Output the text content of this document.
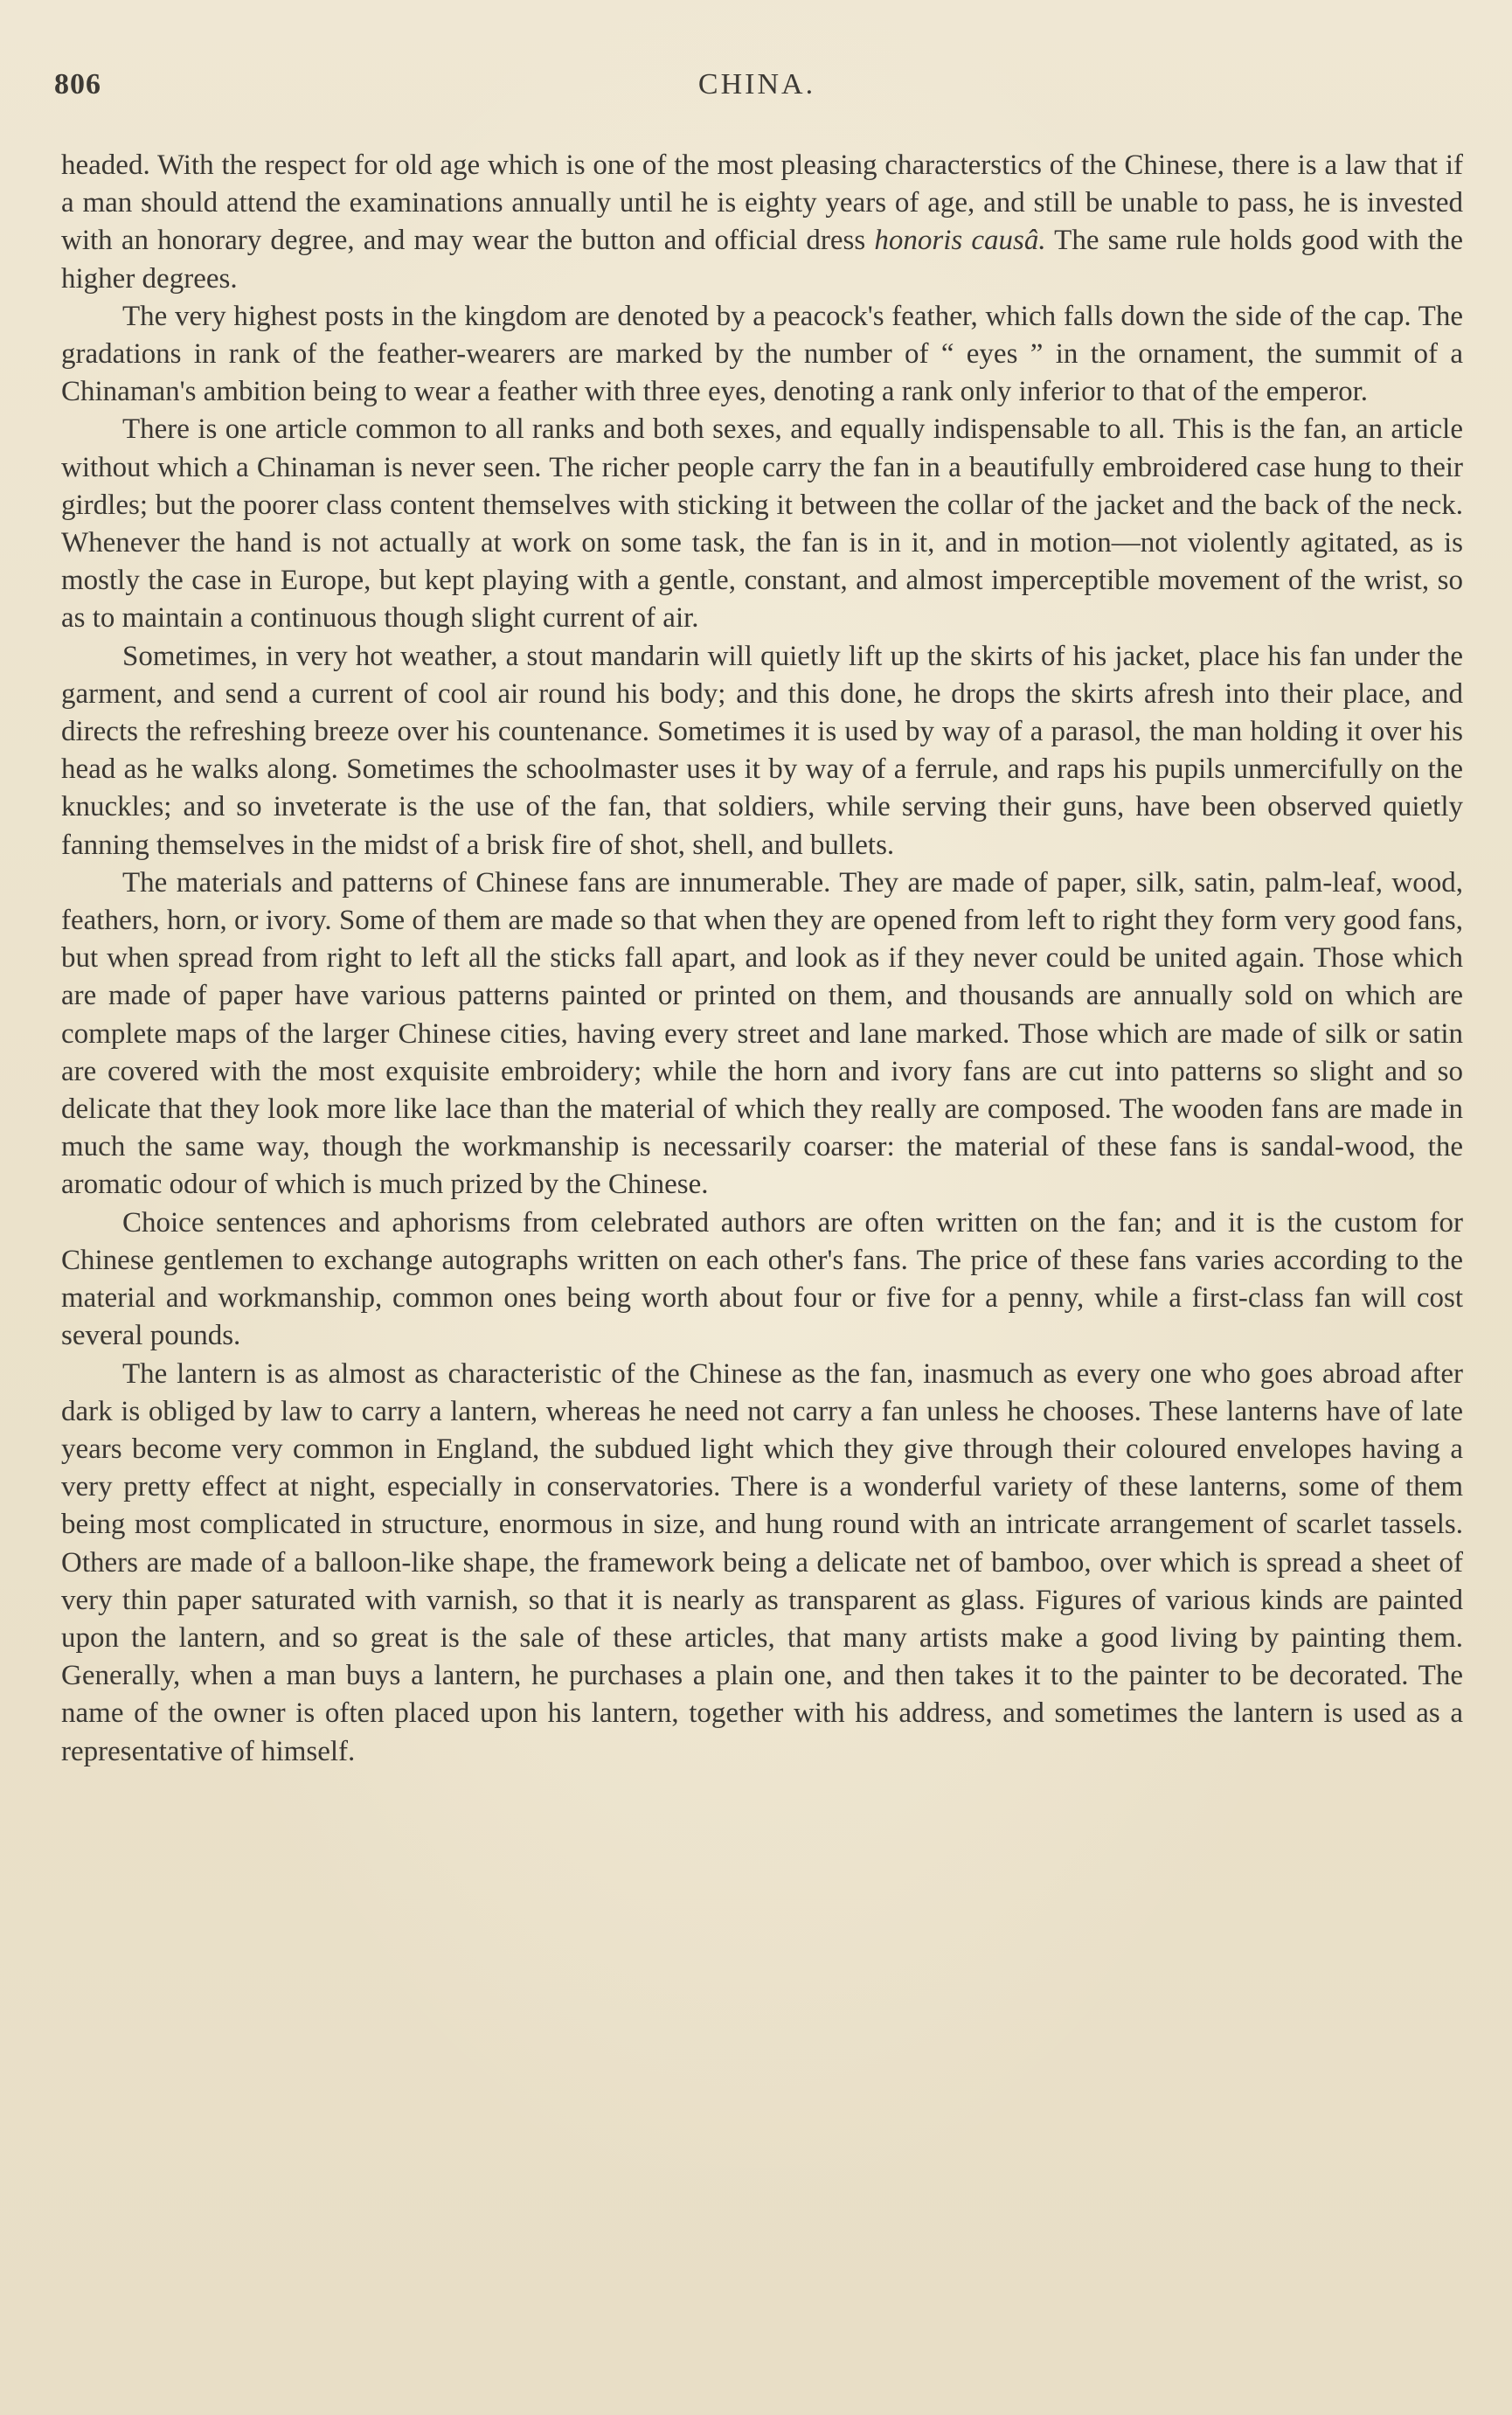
806	CHINA.

headed. With the respect for old age which is one of the most pleasing characterstics of the Chinese, there is a law that if a man should attend the examinations annually until he is eighty years of age, and still be unable to pass, he is invested with an honorary degree, and may wear the button and official dress honoris causâ. The same rule holds good with the higher degrees.

The very highest posts in the kingdom are denoted by a peacock's feather, which falls down the side of the cap. The gradations in rank of the feather-wearers are marked by the number of “ eyes ” in the ornament, the summit of a Chinaman's ambition being to wear a feather with three eyes, denoting a rank only inferior to that of the emperor.

There is one article common to all ranks and both sexes, and equally indispensable to all. This is the fan, an article without which a Chinaman is never seen. The richer people carry the fan in a beautifully embroidered case hung to their girdles; but the poorer class content themselves with sticking it between the collar of the jacket and the back of the neck. Whenever the hand is not actually at work on some task, the fan is in it, and in motion—not violently agitated, as is mostly the case in Europe, but kept playing with a gentle, constant, and almost imperceptible movement of the wrist, so as to maintain a continuous though slight current of air.

Sometimes, in very hot weather, a stout mandarin will quietly lift up the skirts of his jacket, place his fan under the garment, and send a current of cool air round his body; and this done, he drops the skirts afresh into their place, and directs the refreshing breeze over his countenance. Sometimes it is used by way of a parasol, the man holding it over his head as he walks along. Sometimes the schoolmaster uses it by way of a ferrule, and raps his pupils unmercifully on the knuckles; and so inveterate is the use of the fan, that soldiers, while serving their guns, have been observed quietly fanning themselves in the midst of a brisk fire of shot, shell, and bullets.

The materials and patterns of Chinese fans are innumerable. They are made of paper, silk, satin, palm-leaf, wood, feathers, horn, or ivory. Some of them are made so that when they are opened from left to right they form very good fans, but when spread from right to left all the sticks fall apart, and look as if they never could be united again. Those which are made of paper have various patterns painted or printed on them, and thousands are annually sold on which are complete maps of the larger Chinese cities, having every street and lane marked. Those which are made of silk or satin are covered with the most exquisite embroidery; while the horn and ivory fans are cut into patterns so slight and so delicate that they look more like lace than the material of which they really are composed. The wooden fans are made in much the same way, though the workmanship is necessarily coarser: the material of these fans is sandal-wood, the aromatic odour of which is much prized by the Chinese.

Choice sentences and aphorisms from celebrated authors are often written on the fan; and it is the custom for Chinese gentlemen to exchange autographs written on each other's fans. The price of these fans varies according to the material and workmanship, common ones being worth about four or five for a penny, while a first-class fan will cost several pounds.

The lantern is as almost as characteristic of the Chinese as the fan, inasmuch as every one who goes abroad after dark is obliged by law to carry a lantern, whereas he need not carry a fan unless he chooses. These lanterns have of late years become very common in England, the subdued light which they give through their coloured envelopes having a very pretty effect at night, especially in conservatories. There is a wonderful variety of these lanterns, some of them being most complicated in structure, enormous in size, and hung round with an intricate arrangement of scarlet tassels. Others are made of a balloon-like shape, the framework being a delicate net of bamboo, over which is spread a sheet of very thin paper saturated with varnish, so that it is nearly as transparent as glass. Figures of various kinds are painted upon the lantern, and so great is the sale of these articles, that many artists make a good living by painting them. Generally, when a man buys a lantern, he purchases a plain one, and then takes it to the painter to be decorated. The name of the owner is often placed upon his lantern, together with his address, and sometimes the lantern is used as a representative of himself.
